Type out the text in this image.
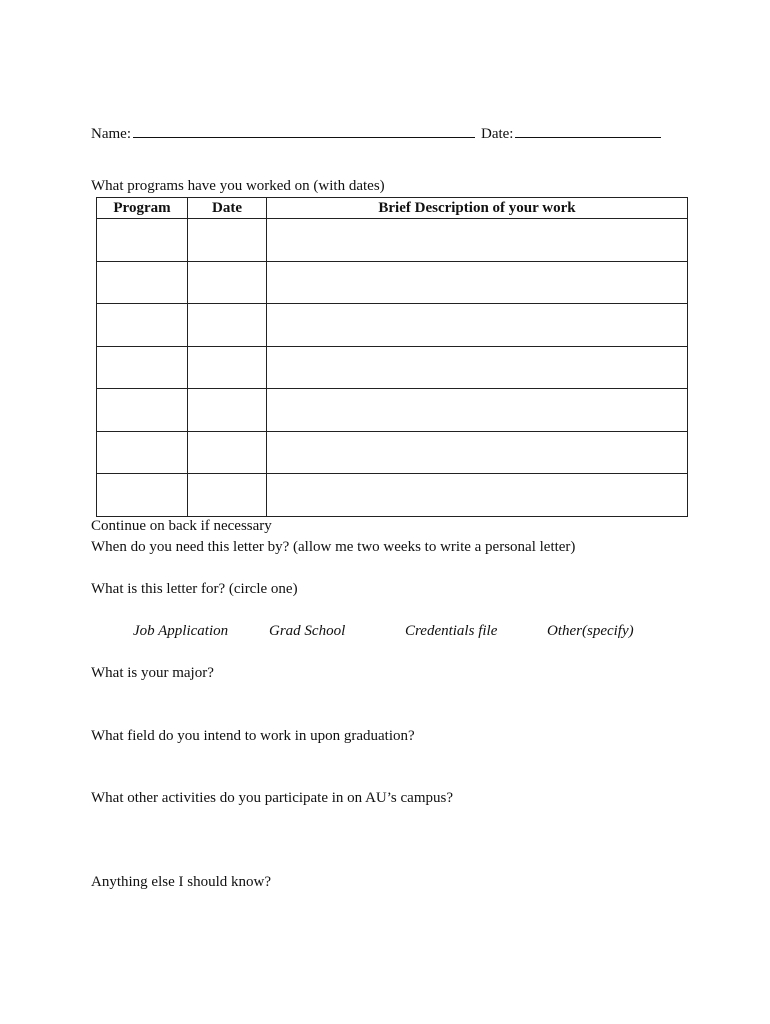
Name:	Date:
What programs have you worked on (with dates)
Program	Date	Brief Description of your work

Continue on back if necessary
When do you need this letter by? (allow me two weeks to write a personal letter)
What is this letter for? (circle one)
Job Application	Grad School	Credentials file	Other(specify)
What is your major?
What field do you intend to work in upon graduation?
What other activities do you participate in on AU’s campus?
Anything else I should know?
